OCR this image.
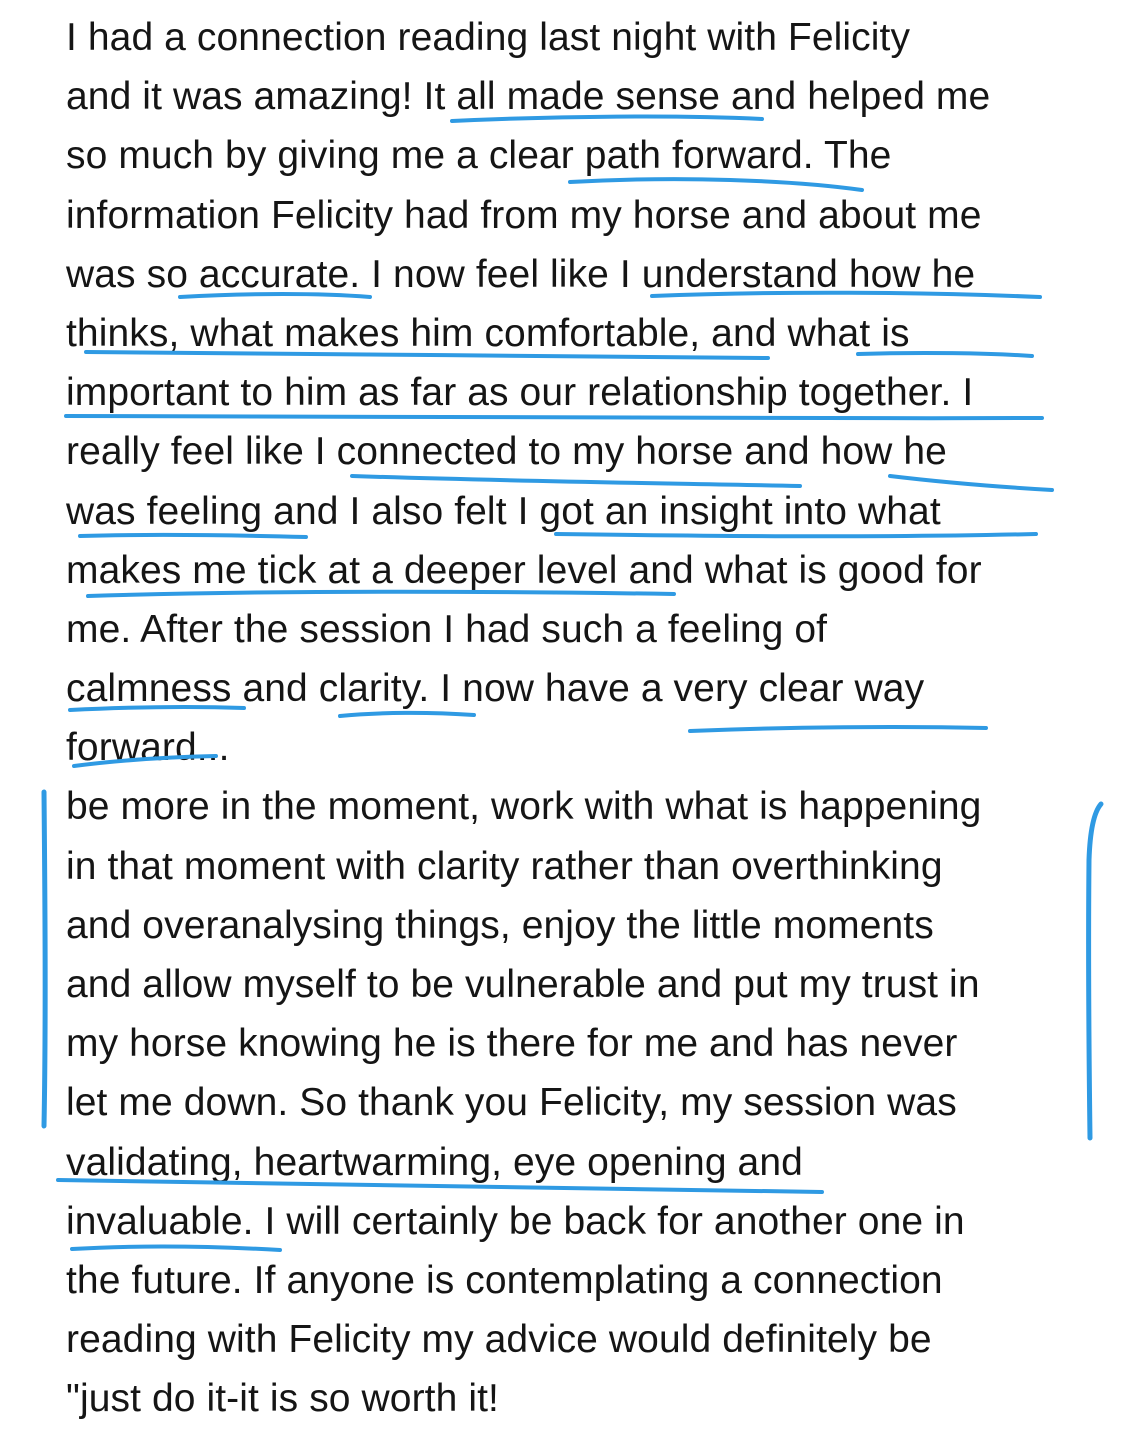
I had a connection reading last night with Felicity
and it was amazing! It all made sense and helped me
so much by giving me a clear path forward. The
information Felicity had from my horse and about me
was so accurate. I now feel like I understand how he
thinks, what makes him comfortable, and what is
important to him as far as our relationship together. I
really feel like I connected to my horse and how he
was feeling and I also felt I got an insight into what
makes me tick at a deeper level and what is good for
me. After the session I had such a feeling of
calmness and clarity. I now have a very clear way
forward...
be more in the moment, work with what is happening
in that moment with clarity rather than overthinking
and overanalysing things, enjoy the little moments
and allow myself to be vulnerable and put my trust in
my horse knowing he is there for me and has never
let me down. So thank you Felicity, my session was
validating, heartwarming, eye opening and
invaluable. I will certainly be back for another one in
the future. If anyone is contemplating a connection
reading with Felicity my advice would definitely be
"just do it-it is so worth it!
